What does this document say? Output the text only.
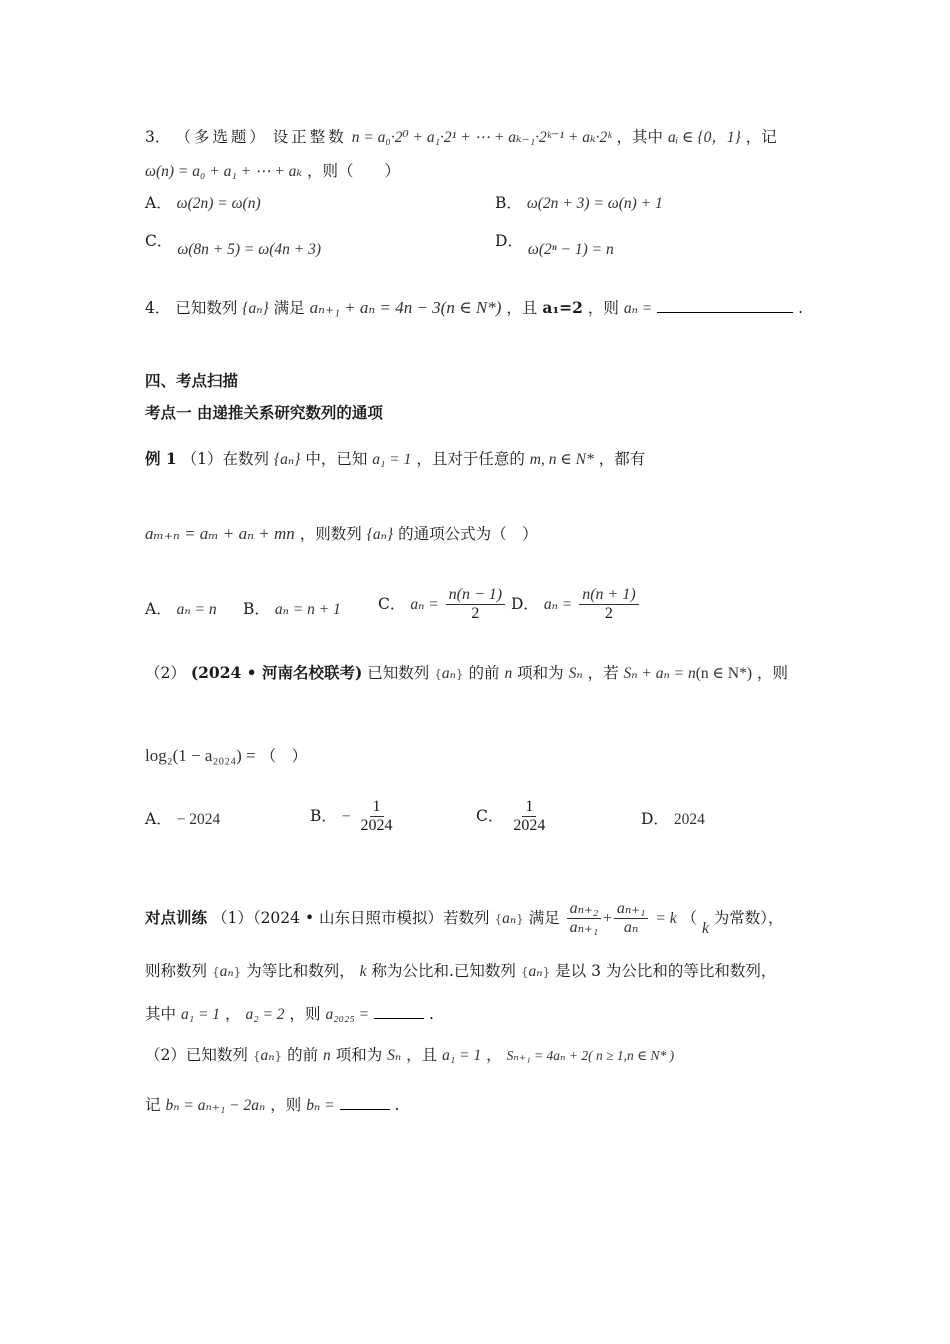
3． （多选题） 设正整数 n = a₀·2⁰ + a₁·2¹ + ⋯ + aₖ₋₁·2ᵏ⁻¹ + aₖ·2ᵏ ，其中 aᵢ ∈ {0，1} ，记
ω(n) = a₀ + a₁ + ⋯ + aₖ ，则（　　）
A． ω(2n) = ω(n)	B． ω(2n + 3) = ω(n) + 1
C． ω(8n + 5) = ω(4n + 3)	D． ω(2ⁿ − 1) = n
4． 已知数列 {aₙ} 满足 aₙ₊₁ + aₙ = 4n − 3(n ∈ N*) ，且 a₁=2 ，则 aₙ =	.
四、考点扫描
考点一 由递推关系研究数列的通项
例 1 （1）在数列 {aₙ} 中，已知 a₁ = 1 ，且对于任意的 m, n ∈ N* ，都有
aₘ₊ₙ = aₘ + aₙ + mn ，则数列 {aₙ} 的通项公式为（　）
A． aₙ = n B． aₙ = n + 1 C． $a_n = \frac{n(n - 1)}{2}$ D． $a_n = \frac{n(n + 1)}{2}$
（2） (2024 • 河南名校联考) 已知数列 {aₙ} 的前 n 项和为 Sₙ ，若 Sₙ + aₙ = n(n ∈ N*) ，则
log₂(1 − a₂₀₂₄) = （　）
A． − 2024	B． − $\frac{1}{2024}$	C． $\frac{1}{2024}$	D． 2024
对点训练 （1）（2024 • 山东日照市模拟）若数列 {aₙ} 满足 $\frac{\text{aₙ₊₂}}{\text{aₙ₊₁}} + \frac{\text{aₙ₊₁}}{\text{aₙ}} = k$ （ k 为常数），
则称数列 {aₙ} 为等比和数列， k 称为公比和.已知数列 {aₙ} 是以 3 为公比和的等比和数列，
其中 a₁ = 1 ， a₂ = 2 ，则 a₂₀₂₅ =	.
（2）已知数列 {aₙ} 的前 n 项和为 Sₙ ，且 a₁ = 1 ， Sₙ₊₁ = 4aₙ + 2( n ≥ 1,n ∈ N* )
记 bₙ = aₙ₊₁ − 2aₙ ，则 bₙ =	.
